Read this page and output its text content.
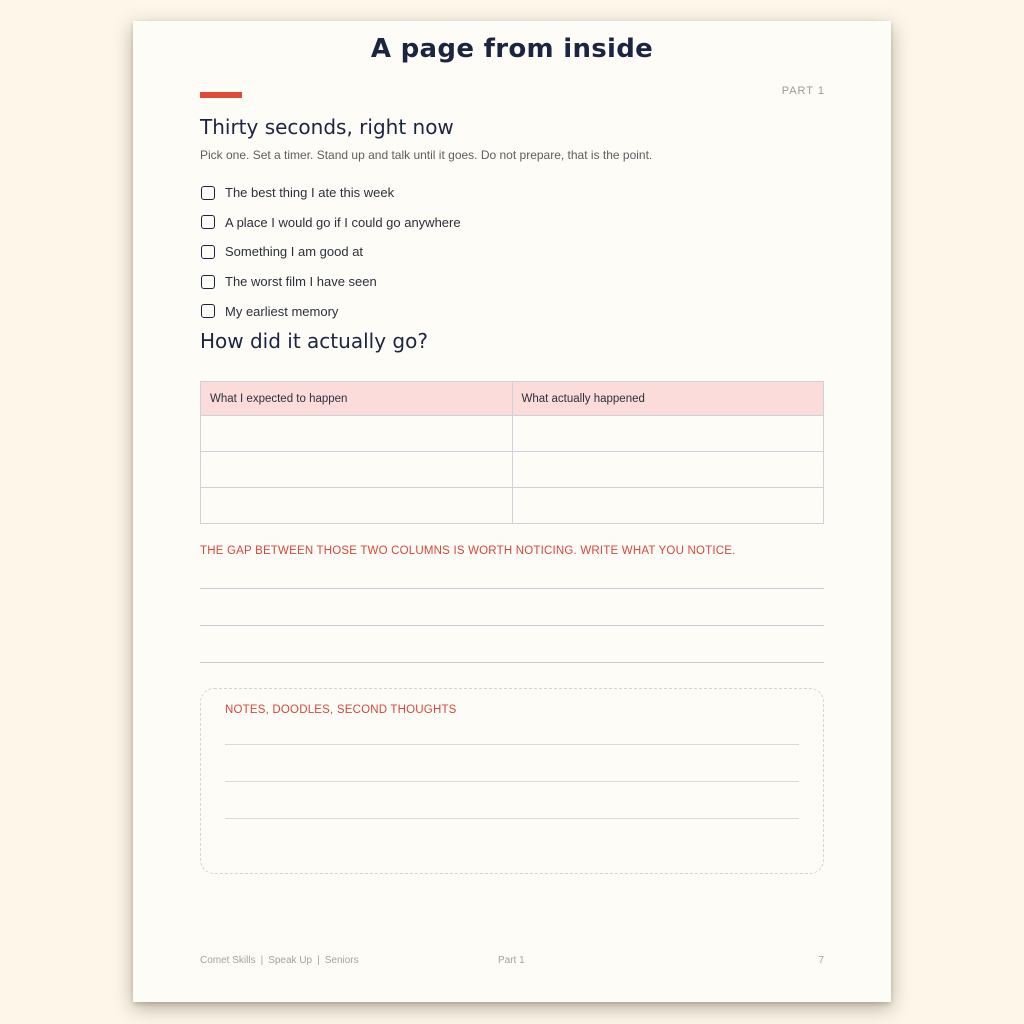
A page from inside
PART 1
Thirty seconds, right now
Pick one. Set a timer. Stand up and talk until it goes. Do not prepare, that is the point.
The best thing I ate this week
A place I would go if I could go anywhere
Something I am good at
The worst film I have seen
My earliest memory
How did it actually go?
What I expected to happen	What actually happened

THE GAP BETWEEN THOSE TWO COLUMNS IS WORTH NOTICING. WRITE WHAT YOU NOTICE.
NOTES, DOODLES, SECOND THOUGHTS
Comet Skills | Speak Up | Seniors	Part 1	7
